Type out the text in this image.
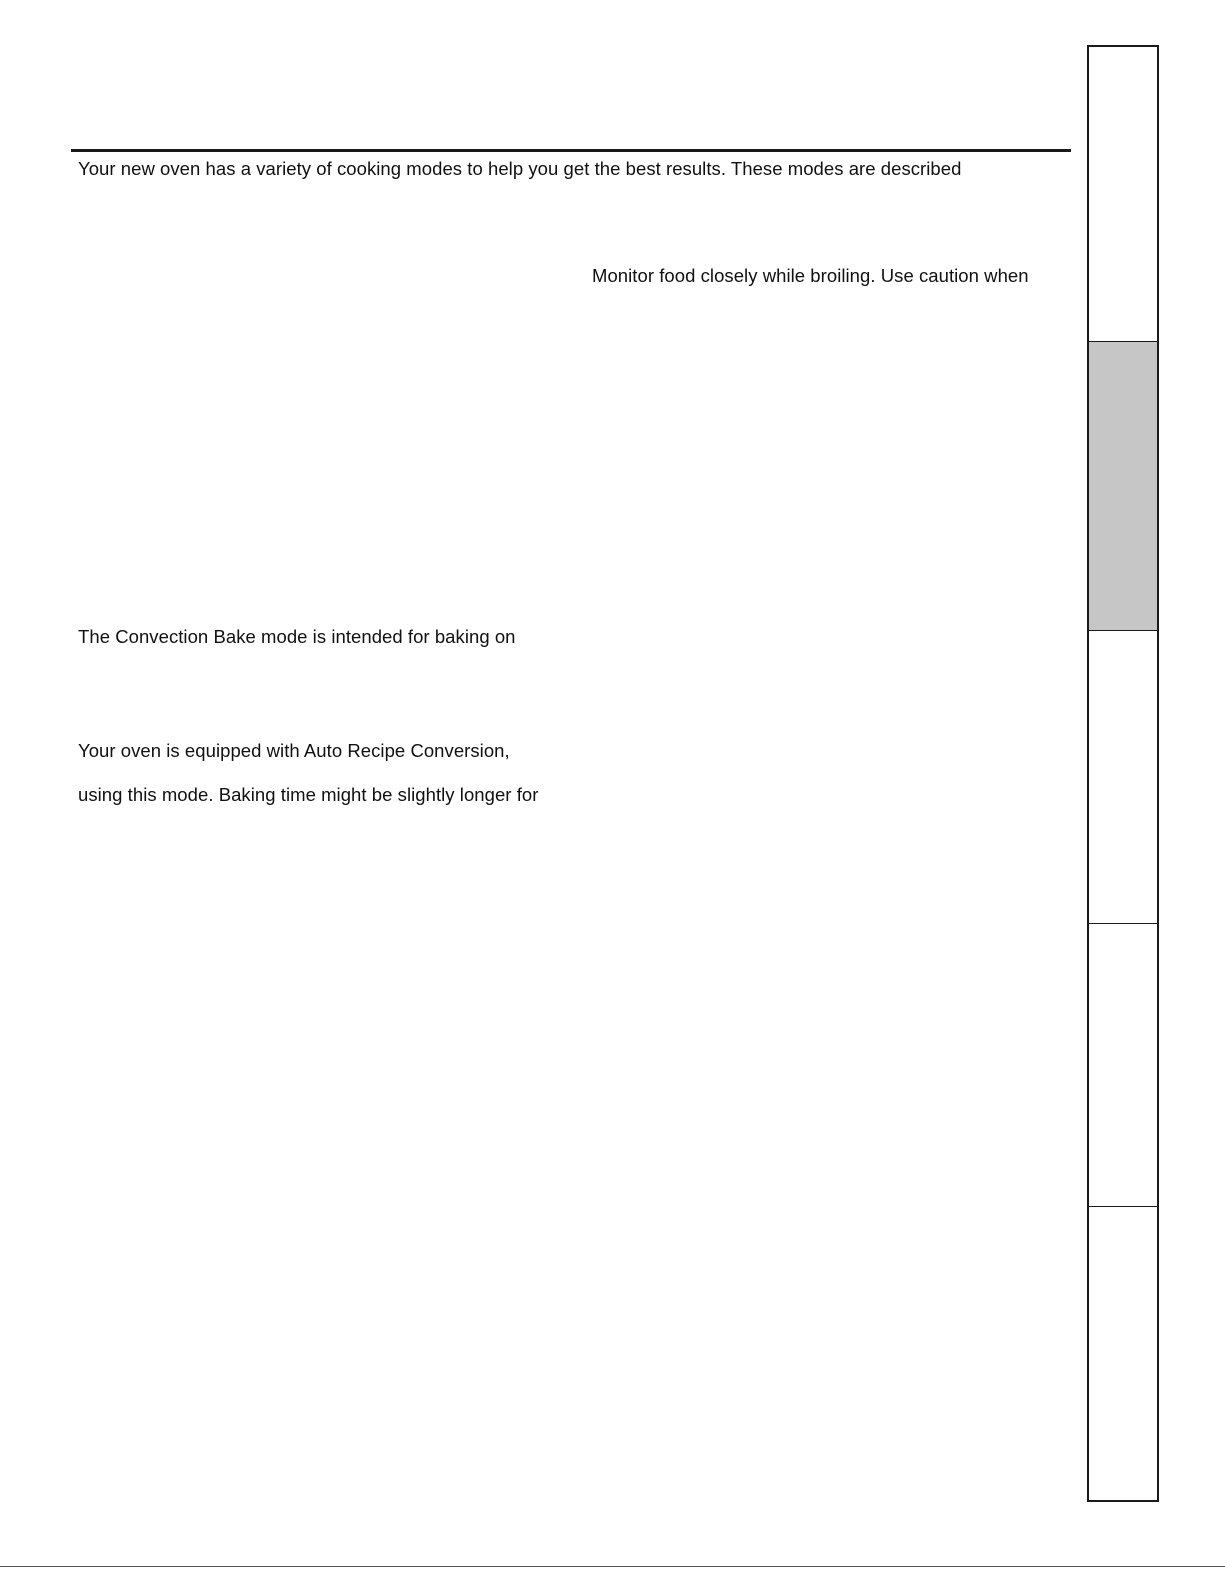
Your new oven has a variety of cooking modes to help you get the best results. These modes are described
Monitor food closely while broiling. Use caution when
The Convection Bake mode is intended for baking on
Your oven is equipped with Auto Recipe Conversion,
using this mode. Baking time might be slightly longer for
